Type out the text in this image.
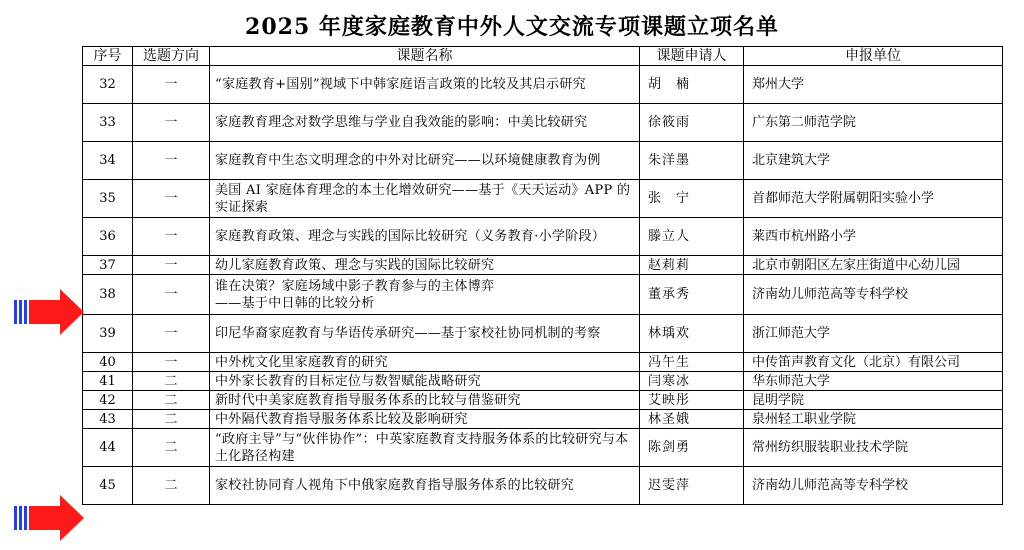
2025 年度家庭教育中外人文交流专项课题立项名单
序号	选题方向	课题名称	课题申请人	申报单位
32	一	“家庭教育+国别”视域下中韩家庭语言政策的比较及其启示研究	胡　楠	郑州大学
33	一	家庭教育理念对数学思维与学业自我效能的影响：中美比较研究	徐筱雨	广东第二师范学院
34	一	家庭教育中生态文明理念的中外对比研究——以环境健康教育为例	朱洋墨	北京建筑大学
35	一	美国 AI 家庭体育理念的本土化增效研究——基于《天天运动》APP 的实证探索	张　宁	首都师范大学附属朝阳实验小学
36	一	家庭教育政策、理念与实践的国际比较研究（义务教育·小学阶段）	滕立人	莱西市杭州路小学
37	一	幼儿家庭教育政策、理念与实践的国际比较研究	赵莉莉	北京市朝阳区左家庄街道中心幼儿园
38	一	谁在决策？家庭场域中影子教育参与的主体博弈
——基于中日韩的比较分析	董承秀	济南幼儿师范高等专科学校
39	一	印尼华裔家庭教育与华语传承研究——基于家校社协同机制的考察	林瑀欢	浙江师范大学
40	一	中外枕文化里家庭教育的研究	冯午生	中传笛声教育文化（北京）有限公司
41	二	中外家长教育的目标定位与数智赋能战略研究	闫寒冰	华东师范大学
42	二	新时代中美家庭教育指导服务体系的比较与借鉴研究	艾映彤	昆明学院
43	二	中外隔代教育指导服务体系比较及影响研究	林圣娥	泉州轻工职业学院
44	二	“政府主导”与“伙伴协作”：中英家庭教育支持服务体系的比较研究与本土化路径构建	陈剑勇	常州纺织服装职业技术学院
45	二	家校社协同育人视角下中俄家庭教育指导服务体系的比较研究	迟雯萍	济南幼儿师范高等专科学校
